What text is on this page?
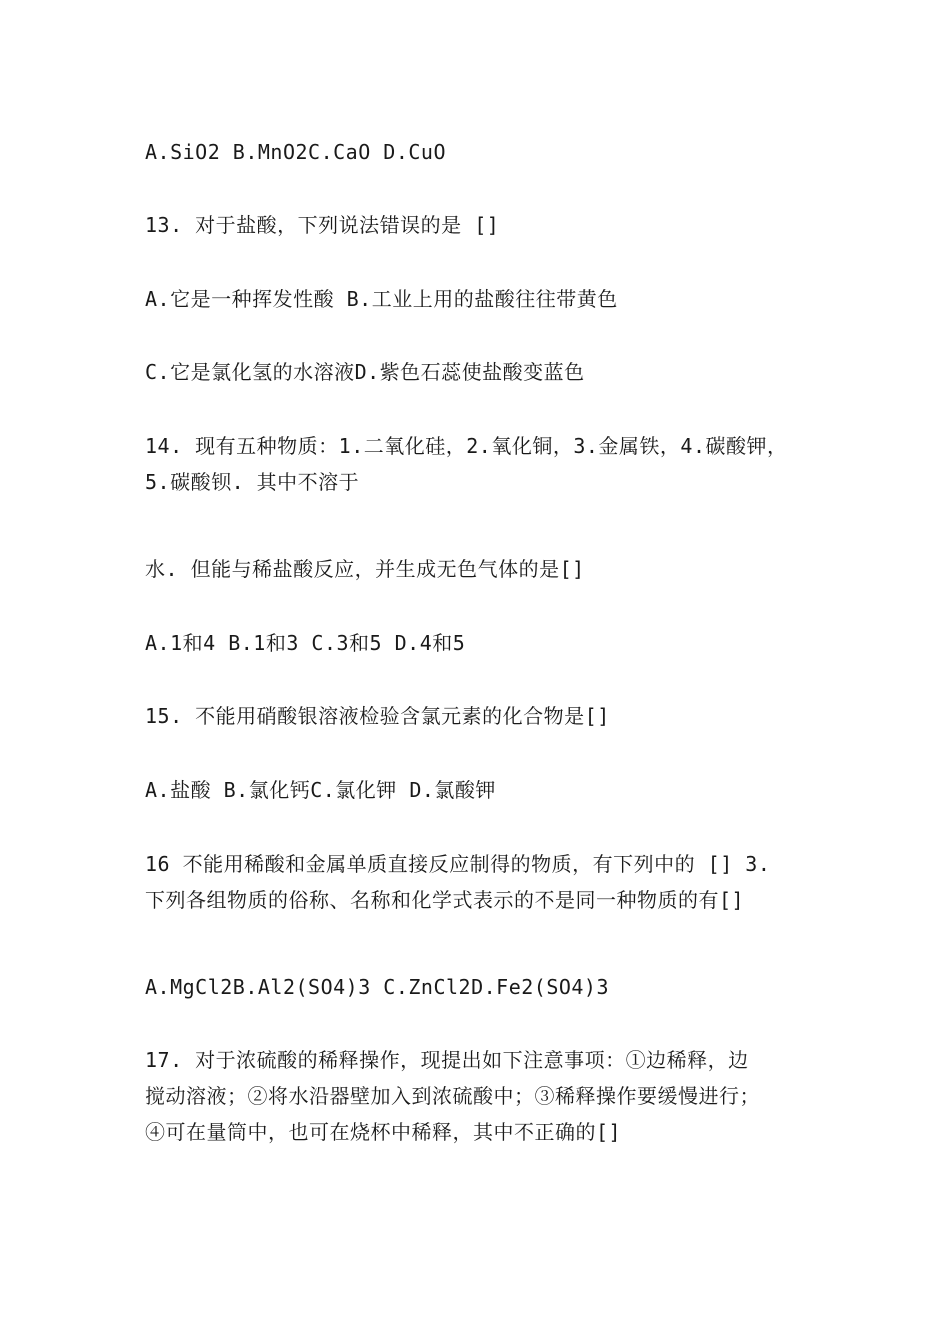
A.SiO2 B.MnO2C.CaO D.CuO

13. 对于盐酸，下列说法错误的是 []

A.它是一种挥发性酸 B.工业上用的盐酸往往带黄色

C.它是氯化氢的水溶液D.紫色石蕊使盐酸变蓝色

14. 现有五种物质：1.二氧化硅，2.氧化铜，3.金属铁，4.碳酸钾，
5.碳酸钡. 其中不溶于

水. 但能与稀盐酸反应，并生成无色气体的是[]

A.1和4 B.1和3 C.3和5 D.4和5

15. 不能用硝酸银溶液检验含氯元素的化合物是[]

A.盐酸 B.氯化钙C.氯化钾 D.氯酸钾

16 不能用稀酸和金属单质直接反应制得的物质，有下列中的 [] 3.
下列各组物质的俗称、名称和化学式表示的不是同一种物质的有[]

A.MgCl2B.Al2(SO4)3 C.ZnCl2D.Fe2(SO4)3

17. 对于浓硫酸的稀释操作，现提出如下注意事项：①边稀释，边
搅动溶液；②将水沿器壁加入到浓硫酸中；③稀释操作要缓慢进行；
④可在量筒中，也可在烧杯中稀释，其中不正确的[]
